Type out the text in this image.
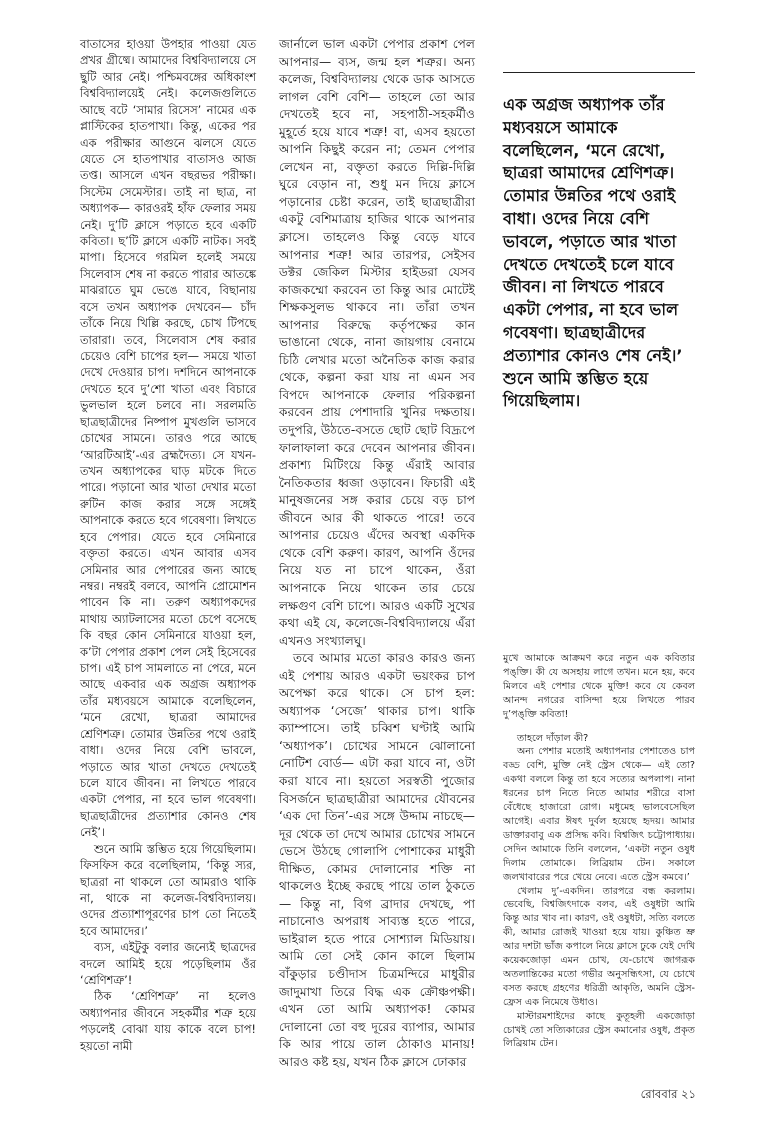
বাতাসের হাওয়া উপহার পাওয়া যেত প্রখর গ্রীষ্মে। আমাদের বিশ্ববিদ্যালয়ে সে ছুটি আর নেই। পশ্চিমবঙ্গের অধিকাংশ বিশ্ববিদ্যালয়েই নেই। কলেজগুলিতে আছে বটে ‘সামার রিসেস’ নামের এক প্লাস্টিকের হাতপাখা। কিন্তু, একের পর এক পরীক্ষার আগুনে ঝলসে যেতে যেতে সে হাতপাখার বাতাসও আজ তপ্ত। আসলে এখন বছরভর পরীক্ষা। সিস্টেম সেমেস্টার। তাই না ছাত্র, না অধ্যাপক— কারওরই হাঁফ ফেলার সময় নেই। দু’টি ক্লাসে পড়াতে হবে একটি কবিতা। ছ’টি ক্লাসে একটি নাটক। সবই মাপা। হিসেবে গরমিল হলেই সময়ে সিলেবাস শেষ না করতে পারার আতঙ্কে মাঝরাতে ঘুম ভেঙে যাবে, বিছানায় বসে তখন অধ্যাপক দেখবেন— চাঁদ তাঁকে নিয়ে খিল্লি করছে, চোখ টিপছে তারারা। তবে, সিলেবাস শেষ করার চেয়েও বেশি চাপের হল— সময়ে খাতা দেখে দেওয়ার চাপ। দশদিনে আপনাকে দেখতে হবে দু’শো খাতা এবং বিচারে ভুলভাল হলে চলবে না। সরলমতি ছাত্রছাত্রীদের নিষ্পাপ মুখগুলি ভাসবে চোখের সামনে। তারও পরে আছে ‘আরটিআই’-এর ব্রহ্মদৈত্য। সে যখন-তখন অধ্যাপকের ঘাড় মটকে দিতে পারে। পড়ানো আর খাতা দেখার মতো রুটিন কাজ করার সঙ্গে সঙ্গেই আপনাকে করতে হবে গবেষণা। লিখতে হবে পেপার। যেতে হবে সেমিনারে বক্তৃতা করতে। এখন আবার এসব সেমিনার আর পেপারের জন্য আছে নম্বর। নম্বরই বলবে, আপনি প্রোমোশন পাবেন কি না। তরুণ অধ্যাপকদের মাথায় অ্যাটলাসের মতো চেপে বসেছে কি বছর কোন সেমিনারে যাওয়া হল, ক’টা পেপার প্রকাশ পেল সেই হিসেবের চাপ। এই চাপ সামলাতে না পেরে, মনে আছে একবার এক অগ্রজ অধ্যাপক তাঁর মধ্যবয়সে আমাকে বলেছিলেন, ‘মনে রেখো, ছাত্ররা আমাদের শ্রেণিশত্রু। তোমার উন্নতির পথে ওরাই বাধা। ওদের নিয়ে বেশি ভাবলে, পড়াতে আর খাতা দেখতে দেখতেই চলে যাবে জীবন। না লিখতে পারবে একটা পেপার, না হবে ভাল গবেষণা। ছাত্রছাত্রীদের প্রত্যাশার কোনও শেষ নেই’।

শুনে আমি স্তম্ভিত হয়ে গিয়েছিলাম। ফিসফিস করে বলেছিলাম, ‘কিন্তু স্যর, ছাত্ররা না থাকলে তো আমরাও থাকি না, থাকে না কলেজ-বিশ্ববিদ্যালয়। ওদের প্রত্যাশাপূরণের চাপ তো নিতেই হবে আমাদের।’

ব্যস, এইটুকু বলার জন্যেই ছাত্রদের বদলে আমিই হয়ে পড়েছিলাম ওঁর ‘শ্রেণিশত্রু’!

ঠিক ‘শ্রেণিশত্রু’ না হলেও অধ্যাপনার জীবনে সহকর্মীর শত্রু হয়ে পড়লেই বোঝা যায় কাকে বলে চাপ! হয়তো নামী

জার্নালে ভাল একটা পেপার প্রকাশ পেল আপনার— ব্যস, জন্ম হল শত্রুর। অন্য কলেজ, বিশ্ববিদ্যালয় থেকে ডাক আসতে লাগল বেশি বেশি— তাহলে তো আর দেখতেই হবে না, সহপাঠী-সহকর্মীও মুহূর্তে হয়ে যাবে শত্রু! বা, এসব হয়তো আপনি কিছুই করেন না; তেমন পেপার লেখেন না, বক্তৃতা করতে দিল্লি-দিল্লি ঘুরে বেড়ান না, শুধু মন দিয়ে ক্লাসে পড়ানোর চেষ্টা করেন, তাই ছাত্রছাত্রীরা একটু বেশিমাত্রায় হাজির থাকে আপনার ক্লাসে। তাহলেও কিন্তু বেড়ে যাবে আপনার শত্রু! আর তারপর, সেইসব ডক্টর জেকিল মিস্টার হাইডরা যেসব কাজকম্মো করবেন তা কিন্তু আর মোটেই শিক্ষকসুলভ থাকবে না। তাঁরা তখন আপনার বিরুদ্ধে কর্তৃপক্ষের কান ভাঙানো থেকে, নানা জায়গায় বেনামে চিঠি লেখার মতো অনৈতিক কাজ করার থেকে, কল্পনা করা যায় না এমন সব বিপদে আপনাকে ফেলার পরিকল্পনা করবেন প্রায় পেশাদারি খুনির দক্ষতায়। তদুপরি, উঠতে-বসতে ছোট ছোট বিদ্রূপে ফালাফালা করে দেবেন আপনার জীবন। প্রকাশ্য মিটিংয়ে কিন্তু এঁরাই আবার নৈতিকতার ধ্বজা ওড়াবেন। ফিচারী এই মানুষজনের সঙ্গ করার চেয়ে বড় চাপ জীবনে আর কী থাকতে পারে! তবে আপনার চেয়েও এঁদের অবস্থা একদিক থেকে বেশি করুণ। কারণ, আপনি ওঁদের নিয়ে যত না চাপে থাকেন, ওঁরা আপনাকে নিয়ে থাকেন তার চেয়ে লক্ষগুণ বেশি চাপে। আরও একটি সুখের কথা এই যে, কলেজে-বিশ্ববিদ্যালয়ে এঁরা এখনও সংখ্যালঘু।

তবে আমার মতো কারও কারও জন্য এই পেশায় আরও একটা ভয়ংকর চাপ অপেক্ষা করে থাকে। সে চাপ হল: অধ্যাপক ‘সেজে’ থাকার চাপ। থাকি ক্যাম্পাসে। তাই চব্বিশ ঘণ্টাই আমি ‘অধ্যাপক’। চোখের সামনে ঝোলানো নোটিশ বোর্ড— এটা করা যাবে না, ওটা করা যাবে না। হয়তো সরস্বতী পুজোর বিসর্জনে ছাত্রছাত্রীরা আমাদের যৌবনের ‘এক দো তিন’-এর সঙ্গে উদ্দাম নাচছে— দূর থেকে তা দেখে আমার চোখের সামনে ভেসে উঠছে গোলাপি পোশাকের মাধুরী দীক্ষিত, কোমর দোলানোর শক্তি না থাকলেও ইচ্ছে করছে পায়ে তাল ঠুকতে— কিন্তু না, বিগ ব্রাদার দেখছে, পা নাচানোও অপরাধ সাব্যস্ত হতে পারে, ভাইরাল হতে পারে সোশ্যাল মিডিয়ায়। আমি তো সেই কোন কালে ছিলাম বাঁকুড়ার চণ্ডীদাস চিত্রমন্দিরে মাধুরীর জাদুমাখা তিরে বিদ্ধ এক ক্রৌঞ্চপক্ষী। এখন তো আমি অধ্যাপক! কোমর দোলানো তো বহু দূরের ব্যাপার, আমার কি আর পায়ে তাল ঠোকাও মানায়! আরও কষ্ট হয়, যখন ঠিক ক্লাসে ঢোকার

এক অগ্রজ অধ্যাপক তাঁর মধ্যবয়সে আমাকে বলেছিলেন, ‘মনে রেখো, ছাত্ররা আমাদের শ্রেণিশত্রু। তোমার উন্নতির পথে ওরাই বাধা। ওদের নিয়ে বেশি ভাবলে, পড়াতে আর খাতা দেখতে দেখতেই চলে যাবে জীবন। না লিখতে পারবে একটা পেপার, না হবে ভাল গবেষণা। ছাত্রছাত্রীদের প্রত্যাশার কোনও শেষ নেই।’ শুনে আমি স্তম্ভিত হয়ে গিয়েছিলাম।

মুখে আমাকে আক্রমণ করে নতুন এক কবিতার পঙ্‌ক্তি। কী যে অসহায় লাগে তখন। মনে হয়, কবে মিলবে এই পেশার থেকে মুক্তি! কবে যে কেবল আনন্দ নগরের বাসিন্দা হয়ে লিখতে পারব দু’পঙ্‌ক্তি কবিতা!

তাহলে দাঁড়াল কী?

অন্য পেশার মতোই অধ্যাপনার পেশাতেও চাপ বড্ড বেশি, মুক্তি নেই স্ট্রেস থেকে— এই তো? একথা বললে কিন্তু তা হবে সত্যের অপলাপ। নানা ধরনের চাপ নিতে নিতে আমার শরীরে বাসা বেঁধেছে হাজারো রোগ। মধুমেহ ভালবেসেছিল আগেই। এবার ঈষৎ দুর্বল হয়েছে হৃদয়। আমার ডাক্তারবাবু এক প্রসিদ্ধ কবি। বিশ্বজিৎ চট্টোপাধ্যায়। সেদিন আমাকে তিনি বললেন, ‘একটা নতুন ওষুধ দিলাম তোমাকে। লিব্রিয়াম টেন। সকালে জলখাবারের পরে খেয়ে নেবে। এতে স্ট্রেস কমবে।’

খেলাম দু’-একদিন। তারপরে বন্ধ করলাম। ভেবেছি, বিশ্বজিৎদাকে বলব, এই ওষুধটা আমি কিন্তু আর খাব না। কারণ, ওই ওষুধটা, সত্যি বলতে কী, আমার রোজই খাওয়া হয়ে যায়। কুঞ্চিত ভ্রু আর দশটা ভাঁজ কপালে নিয়ে ক্লাসে ঢুকে যেই দেখি কয়েকজোড়া এমন চোখ, যে-চোখে জাগরূক অতলান্তিকের মতো গভীর অনুসন্ধিৎসা, যে চোখে বসত করছে গ্রহণের ধরিত্রী আকৃতি, অমনি স্ট্রেস-ফ্রেস এক নিমেষে উধাও।

মাস্টারমশাইদের কাছে কুতূহলী একজোড়া চোখই তো সত্যিকারের স্ট্রেস কমানোর ওষুধ, প্রকৃত লিব্রিয়াম টেন।

রোববার ২১
